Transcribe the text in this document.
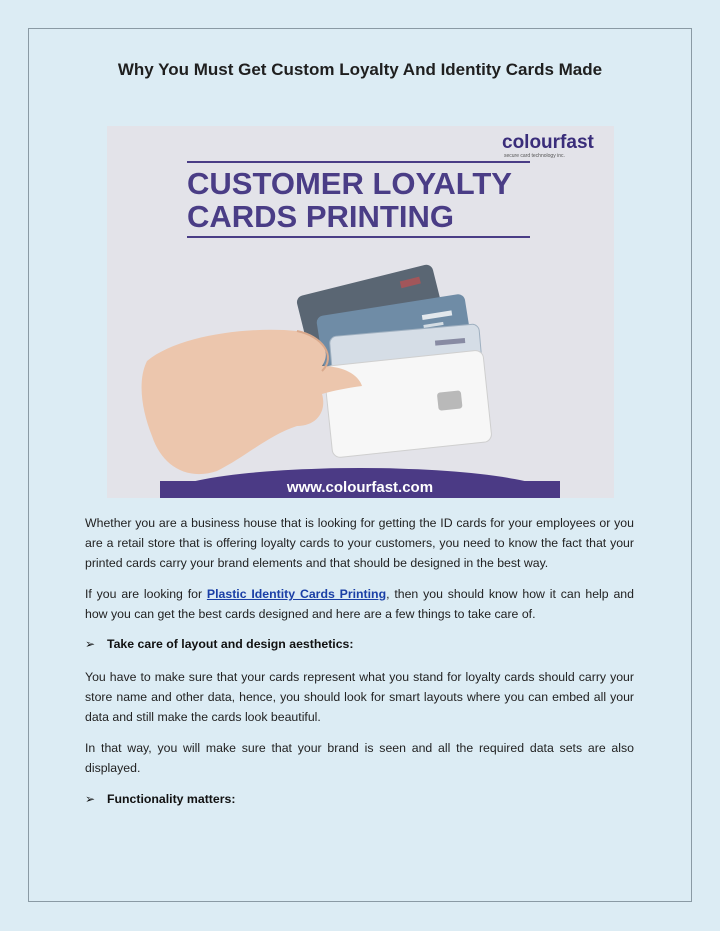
Why You Must Get Custom Loyalty And Identity Cards Made
colourfast
secure card technology inc.
CUSTOMER LOYALTY
CARDS PRINTING
www.colourfast.com

Whether you are a business house that is looking for getting the ID cards for your employees or you are a retail store that is offering loyalty cards to your customers, you need to know the fact that your printed cards carry your brand elements and that should be designed in the best way.

If you are looking for Plastic Identity Cards Printing, then you should know how it can help and how you can get the best cards designed and here are a few things to take care of.

➢ Take care of layout and design aesthetics:

You have to make sure that your cards represent what you stand for loyalty cards should carry your store name and other data, hence, you should look for smart layouts where you can embed all your data and still make the cards look beautiful.

In that way, you will make sure that your brand is seen and all the required data sets are also displayed.

➢ Functionality matters:
